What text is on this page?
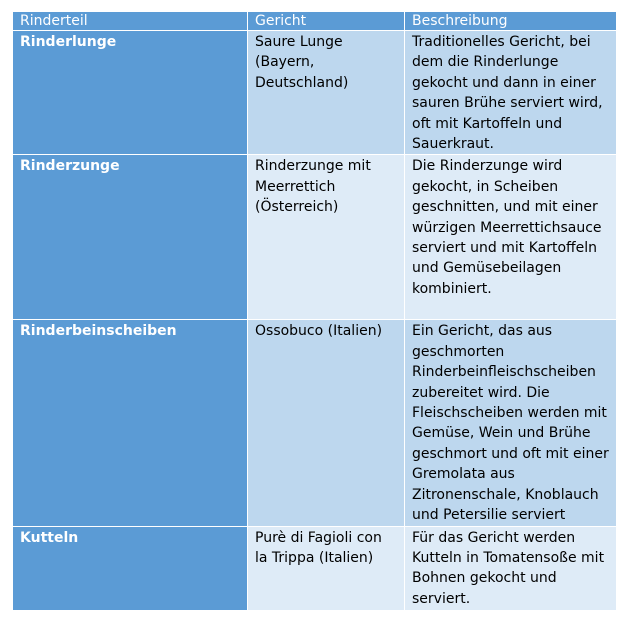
Rinderteil	Gericht	Beschreibung
Rinderlunge	Saure Lunge (Bayern, Deutschland)	Traditionelles Gericht, bei dem die Rinderlunge gekocht und dann in einer sauren Brühe serviert wird, oft mit Kartoffeln und Sauerkraut.
Rinderzunge	Rinderzunge mit Meerrettich (Österreich)	Die Rinderzunge wird gekocht, in Scheiben geschnitten, und mit einer würzigen Meerrettichsauce serviert und mit Kartoffeln und Gemüsebeilagen kombiniert.
Rinderbeinscheiben	Ossobuco (Italien)	Ein Gericht, das aus geschmorten Rinderbeinfleischscheiben zubereitet wird. Die Fleischscheiben werden mit Gemüse, Wein und Brühe geschmort und oft mit einer Gremolata aus Zitronenschale, Knoblauch und Petersilie serviert
Kutteln	Purè di Fagioli con la Trippa (Italien)	Für das Gericht werden Kutteln in Tomatensoße mit Bohnen gekocht und serviert.
